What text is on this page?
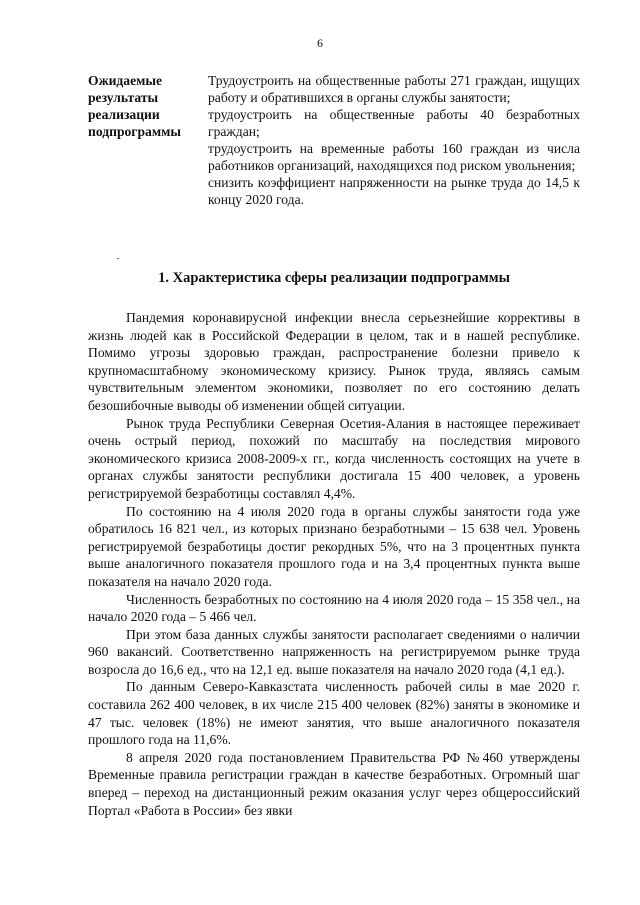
6
Ожидаемые
результаты
реализации
подпрограммы

Трудоустроить на общественные работы 271 граждан, ищущих работу и обратившихся в органы службы занятости;

трудоустроить на общественные работы 40 безработных граждан;

трудоустроить на временные работы 160 граждан из числа работников организаций, находящихся под риском увольнения;

снизить коэффициент напряженности на рынке труда до 14,5 к концу 2020 года.

1. Характеристика сферы реализации подпрограммы

Пандемия коронавирусной инфекции внесла серьезнейшие коррективы в жизнь людей как в Российской Федерации в целом, так и в нашей республике. Помимо угрозы здоровью граждан, распространение болезни привело к крупномасштабному экономическому кризису. Рынок труда, являясь самым чувствительным элементом экономики, позволяет по его состоянию делать безошибочные выводы об изменении общей ситуации.

Рынок труда Республики Северная Осетия-Алания в настоящее переживает очень острый период, похожий по масштабу на последствия мирового экономического кризиса 2008-2009-х гг., когда численность состоящих на учете в органах службы занятости республики достигала 15 400 человек, а уровень регистрируемой безработицы составлял 4,4%.

По состоянию на 4 июля 2020 года в органы службы занятости года уже обратилось 16 821 чел., из которых признано безработными – 15 638 чел. Уровень регистрируемой безработицы достиг рекордных 5%, что на 3 процентных пункта выше аналогичного показателя прошлого года и на 3,4 процентных пункта выше показателя на начало 2020 года.

Численность безработных по состоянию на 4 июля 2020 года – 15 358 чел., на начало 2020 года – 5 466 чел.

При этом база данных службы занятости располагает сведениями о наличии 960 вакансий. Соответственно напряженность на регистрируемом рынке труда возросла до 16,6 ед., что на 12,1 ед. выше показателя на начало 2020 года (4,1 ед.).

По данным Северо-Кавказстата численность рабочей силы в мае 2020 г. составила 262 400 человек, в их числе 215 400 человек (82%) заняты в экономике и 47 тыс. человек (18%) не имеют занятия, что выше аналогичного показателя прошлого года на 11,6%.

8 апреля 2020 года постановлением Правительства РФ №460 утверждены Временные правила регистрации граждан в качестве безработных. Огромный шаг вперед – переход на дистанционный режим оказания услуг через общероссийский Портал «Работа в России» без явки
